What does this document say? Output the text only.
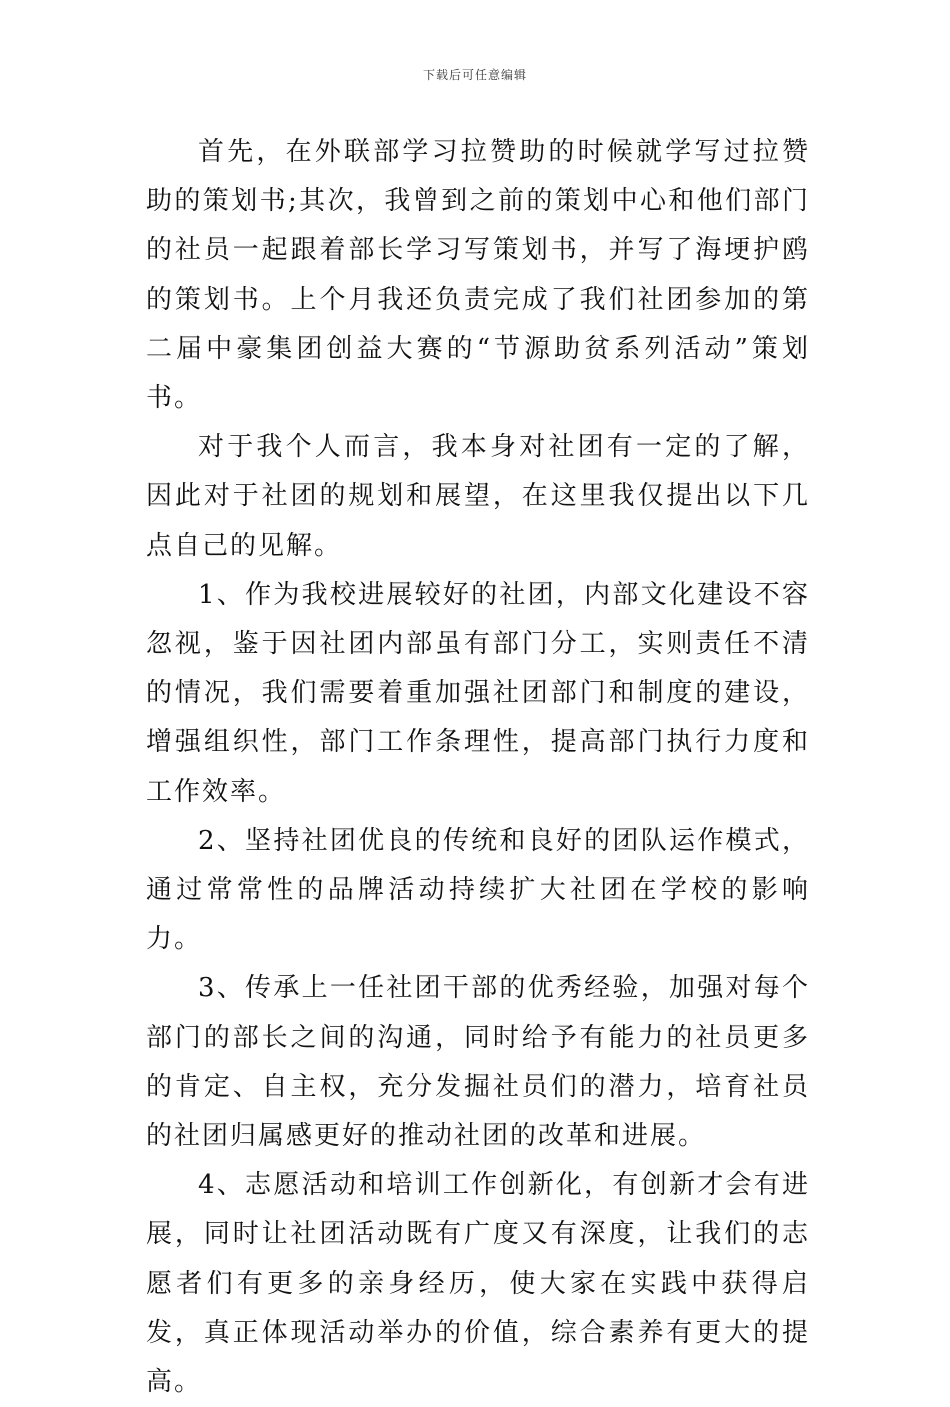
下载后可任意编辑

首先，在外联部学习拉赞助的时候就学写过拉赞助的策划书;其次，我曾到之前的策划中心和他们部门的社员一起跟着部长学习写策划书，并写了海埂护鸥的策划书。上个月我还负责完成了我们社团参加的第二届中豪集团创益大赛的“节源助贫系列活动”策划书。

对于我个人而言，我本身对社团有一定的了解，因此对于社团的规划和展望，在这里我仅提出以下几点自己的见解。

1、作为我校进展较好的社团，内部文化建设不容忽视，鉴于因社团内部虽有部门分工，实则责任不清的情况，我们需要着重加强社团部门和制度的建设，增强组织性，部门工作条理性，提高部门执行力度和工作效率。

2、坚持社团优良的传统和良好的团队运作模式，通过常常性的品牌活动持续扩大社团在学校的影响力。

3、传承上一任社团干部的优秀经验，加强对每个部门的部长之间的沟通，同时给予有能力的社员更多的肯定、自主权，充分发掘社员们的潜力，培育社员的社团归属感更好的推动社团的改革和进展。

4、志愿活动和培训工作创新化，有创新才会有进展，同时让社团活动既有广度又有深度，让我们的志愿者们有更多的亲身经历，使大家在实践中获得启发，真正体现活动举办的价值，综合素养有更大的提高。
